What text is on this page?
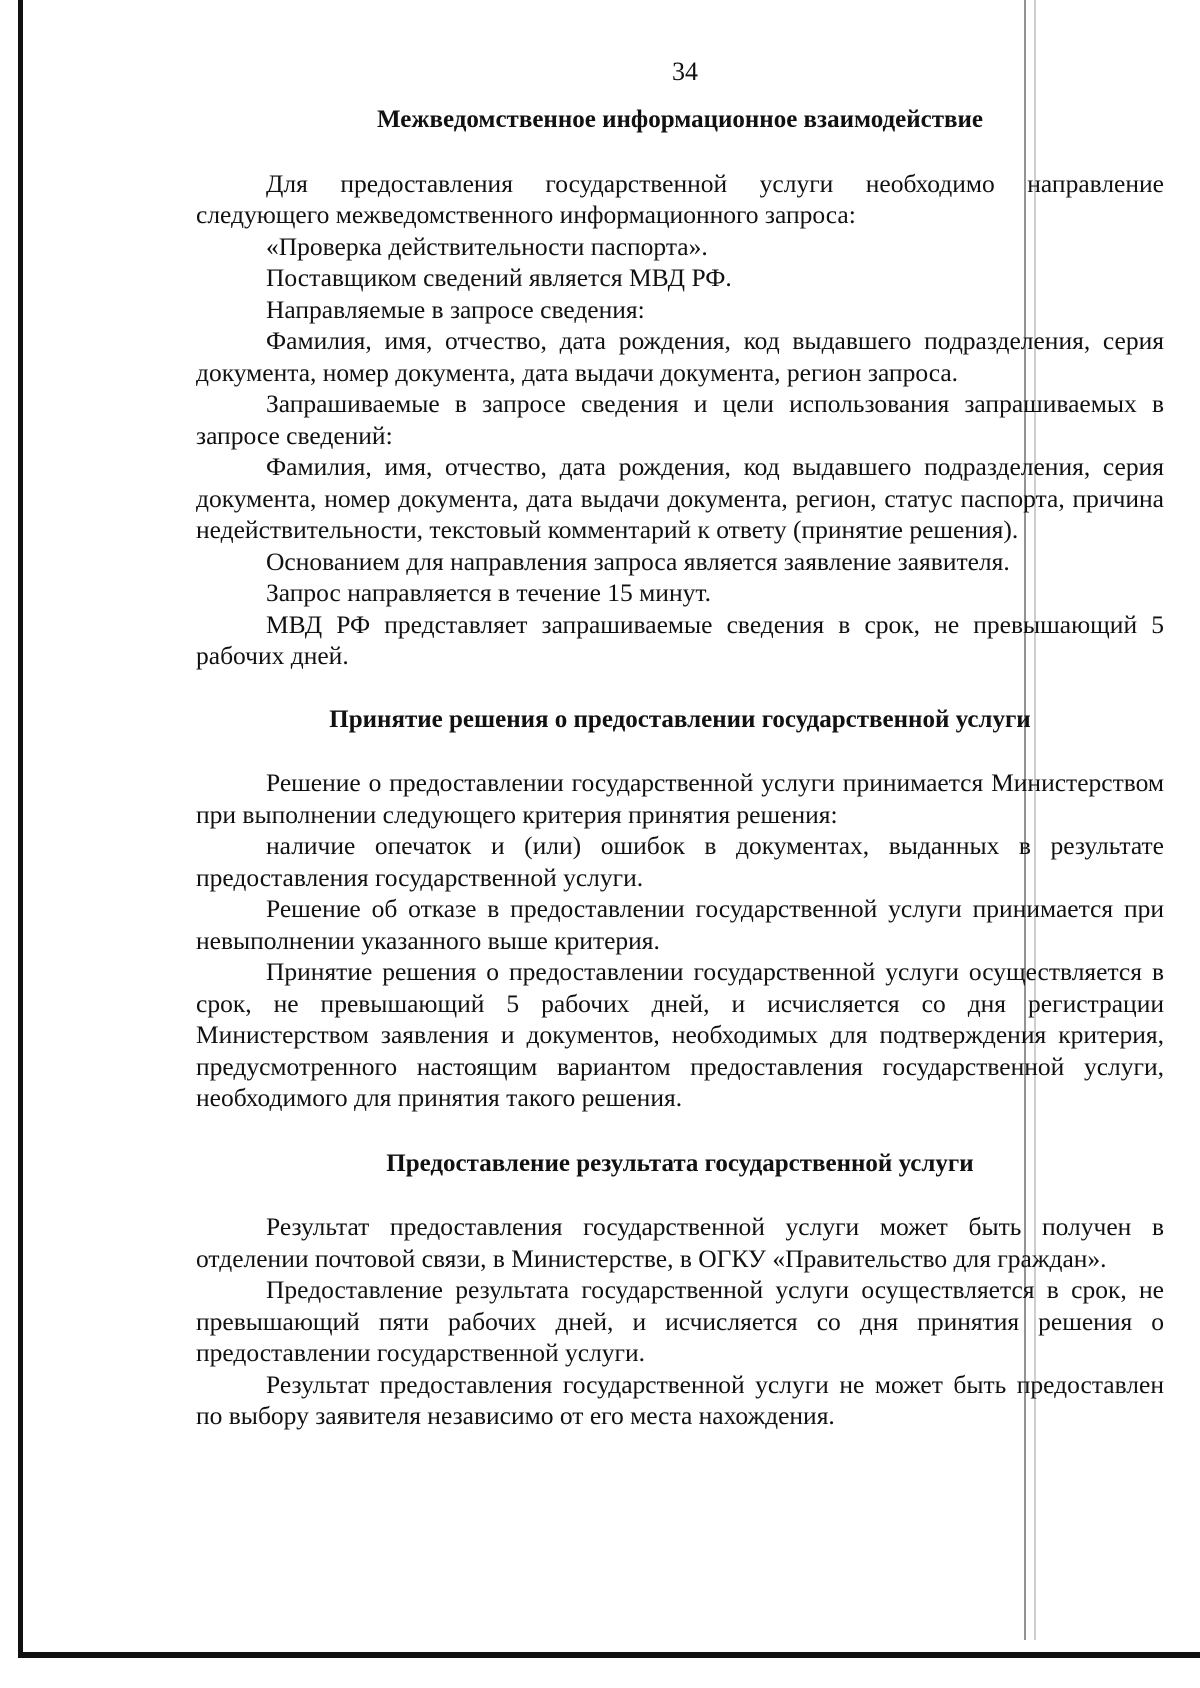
34
Межведомственное информационное взаимодействие

Для предоставления государственной услуги необходимо направление следующего межведомственного информационного запроса:

«Проверка действительности паспорта».

Поставщиком сведений является МВД РФ.

Направляемые в запросе сведения:

Фамилия, имя, отчество, дата рождения, код выдавшего подразделения, серия документа, номер документа, дата выдачи документа, регион запроса.

Запрашиваемые в запросе сведения и цели использования запрашиваемых в запросе сведений:

Фамилия, имя, отчество, дата рождения, код выдавшего подразделения, серия документа, номер документа, дата выдачи документа, регион, статус паспорта, причина недействительности, текстовый комментарий к ответу (принятие решения).

Основанием для направления запроса является заявление заявителя.

Запрос направляется в течение 15 минут.

МВД РФ представляет запрашиваемые сведения в срок, не превышающий 5 рабочих дней.

Принятие решения о предоставлении государственной услуги

Решение о предоставлении государственной услуги принимается Министерством при выполнении следующего критерия принятия решения:

наличие опечаток и (или) ошибок в документах, выданных в результате предоставления государственной услуги.

Решение об отказе в предоставлении государственной услуги принимается при невыполнении указанного выше критерия.

Принятие решения о предоставлении государственной услуги осуществляется в срок, не превышающий 5 рабочих дней, и исчисляется со дня регистрации Министерством заявления и документов, необходимых для подтверждения критерия, предусмотренного настоящим вариантом предоставления государственной услуги, необходимого для принятия такого решения.

Предоставление результата государственной услуги

Результат предоставления государственной услуги может быть получен в отделении почтовой связи, в Министерстве, в ОГКУ «Правительство для граждан».

Предоставление результата государственной услуги осуществляется в срок, не превышающий пяти рабочих дней, и исчисляется со дня принятия решения о предоставлении государственной услуги.

Результат предоставления государственной услуги не может быть предоставлен по выбору заявителя независимо от его места нахождения.
